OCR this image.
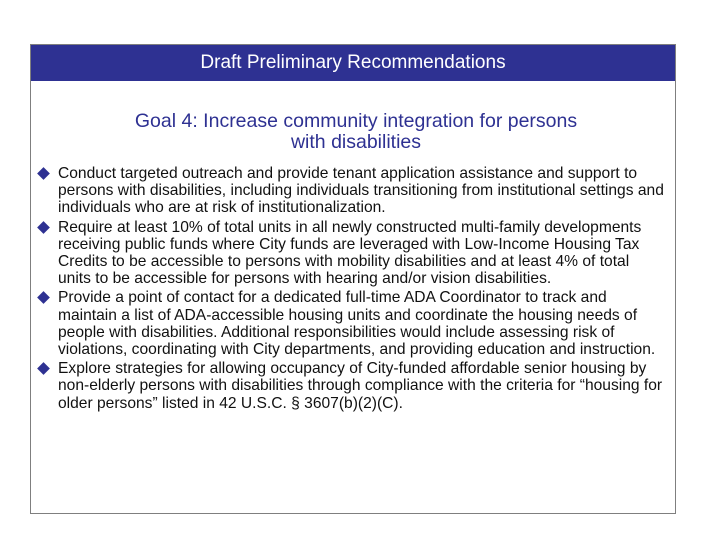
Draft Preliminary Recommendations
Goal 4: Increase community integration for persons
with disabilities
Conduct targeted outreach and provide tenant application assistance and support to persons with disabilities, including individuals transitioning from institutional settings and individuals who are at risk of institutionalization.
Require at least 10% of total units in all newly constructed multi-family developments receiving public funds where City funds are leveraged with Low-Income Housing Tax Credits to be accessible to persons with mobility disabilities and at least 4% of total units to be accessible for persons with hearing and/or vision disabilities.
Provide a point of contact for a dedicated full-time ADA Coordinator to track and maintain a list of ADA-accessible housing units and coordinate the housing needs of people with disabilities. Additional responsibilities would include assessing risk of violations, coordinating with City departments, and providing education and instruction.
Explore strategies for allowing occupancy of City-funded affordable senior housing by non-elderly persons with disabilities through compliance with the criteria for “housing for older persons” listed in 42 U.S.C. § 3607(b)(2)(C).
